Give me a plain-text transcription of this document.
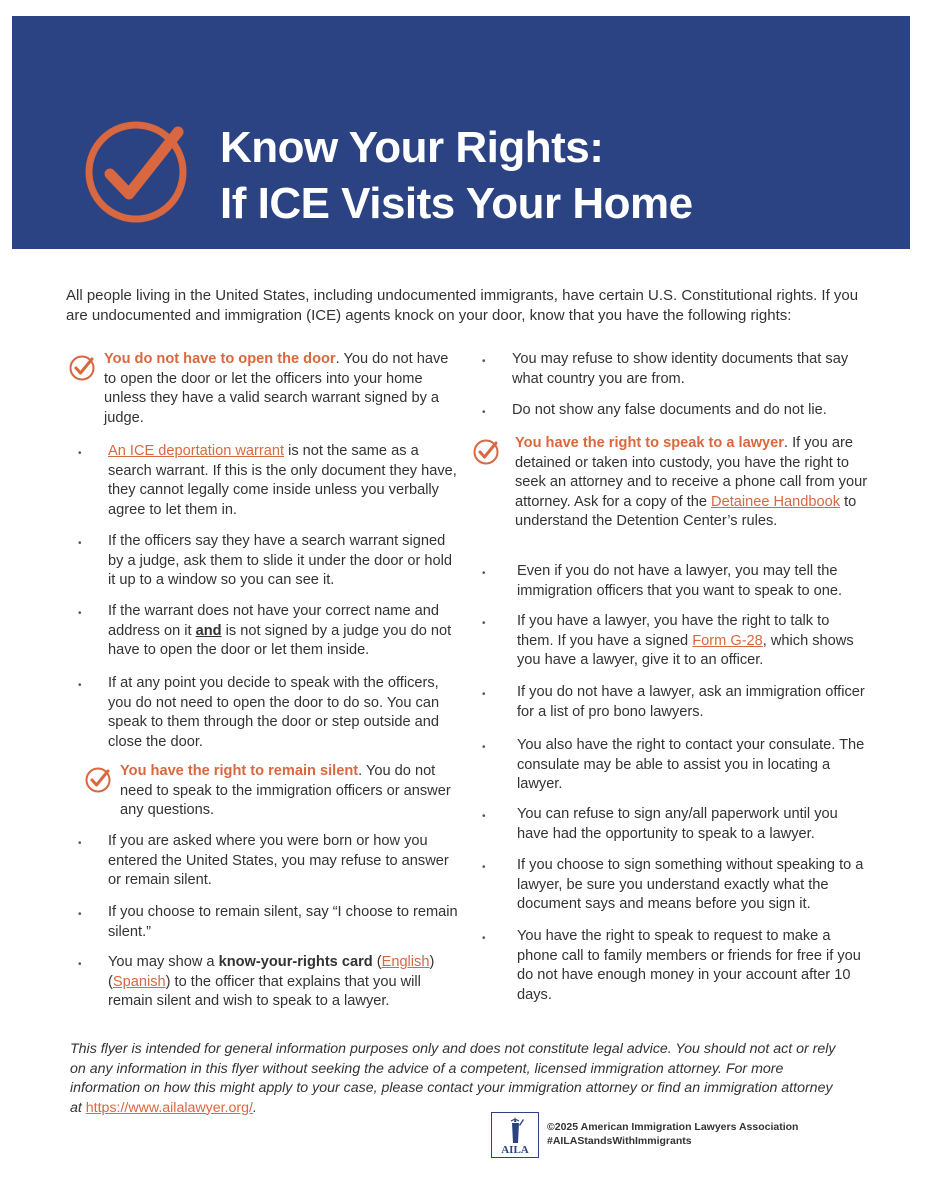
Know Your Rights:
If ICE Visits Your Home

All people living in the United States, including undocumented immigrants, have certain U.S. Constitutional rights. If you are undocumented and immigration (ICE) agents knock on your door, know that you have the following rights:

You do not have to open the door. You do not have to open the door or let the officers into your home unless they have a valid search warrant signed by a judge.
• An ICE deportation warrant is not the same as a search warrant. If this is the only document they have, they cannot legally come inside unless you verbally agree to let them in.
• If the officers say they have a search warrant signed by a judge, ask them to slide it under the door or hold it up to a window so you can see it.
• If the warrant does not have your correct name and address on it and is not signed by a judge you do not have to open the door or let them inside.
• If at any point you decide to speak with the officers, you do not need to open the door to do so. You can speak to them through the door or step outside and close the door.
You have the right to remain silent. You do not need to speak to the immigration officers or answer any questions.
• If you are asked where you were born or how you entered the United States, you may refuse to answer or remain silent.
• If you choose to remain silent, say “I choose to remain silent.”
• You may show a know-your-rights card (English) (Spanish) to the officer that explains that you will remain silent and wish to speak to a lawyer.
• You may refuse to show identity documents that say what country you are from.
• Do not show any false documents and do not lie.
You have the right to speak to a lawyer. If you are detained or taken into custody, you have the right to seek an attorney and to receive a phone call from your attorney. Ask for a copy of the Detainee Handbook to understand the Detention Center’s rules.
• Even if you do not have a lawyer, you may tell the immigration officers that you want to speak to one.
• If you have a lawyer, you have the right to talk to them. If you have a signed Form G-28, which shows you have a lawyer, give it to an officer.
• If you do not have a lawyer, ask an immigration officer for a list of pro bono lawyers.
• You also have the right to contact your consulate. The consulate may be able to assist you in locating a lawyer.
• You can refuse to sign any/all paperwork until you have had the opportunity to speak to a lawyer.
• If you choose to sign something without speaking to a lawyer, be sure you understand exactly what the document says and means before you sign it.
• You have the right to speak to request to make a phone call to family members or friends for free if you do not have enough money in your account after 10 days.

This flyer is intended for general information purposes only and does not constitute legal advice. You should not act or rely on any information in this flyer without seeking the advice of a competent, licensed immigration attorney. For more information on how this might apply to your case, please contact your immigration attorney or find an immigration attorney at https://www.ailalawyer.org/.

AILA
©2025 American Immigration Lawyers Association
#AILAStandsWithImmigrants
